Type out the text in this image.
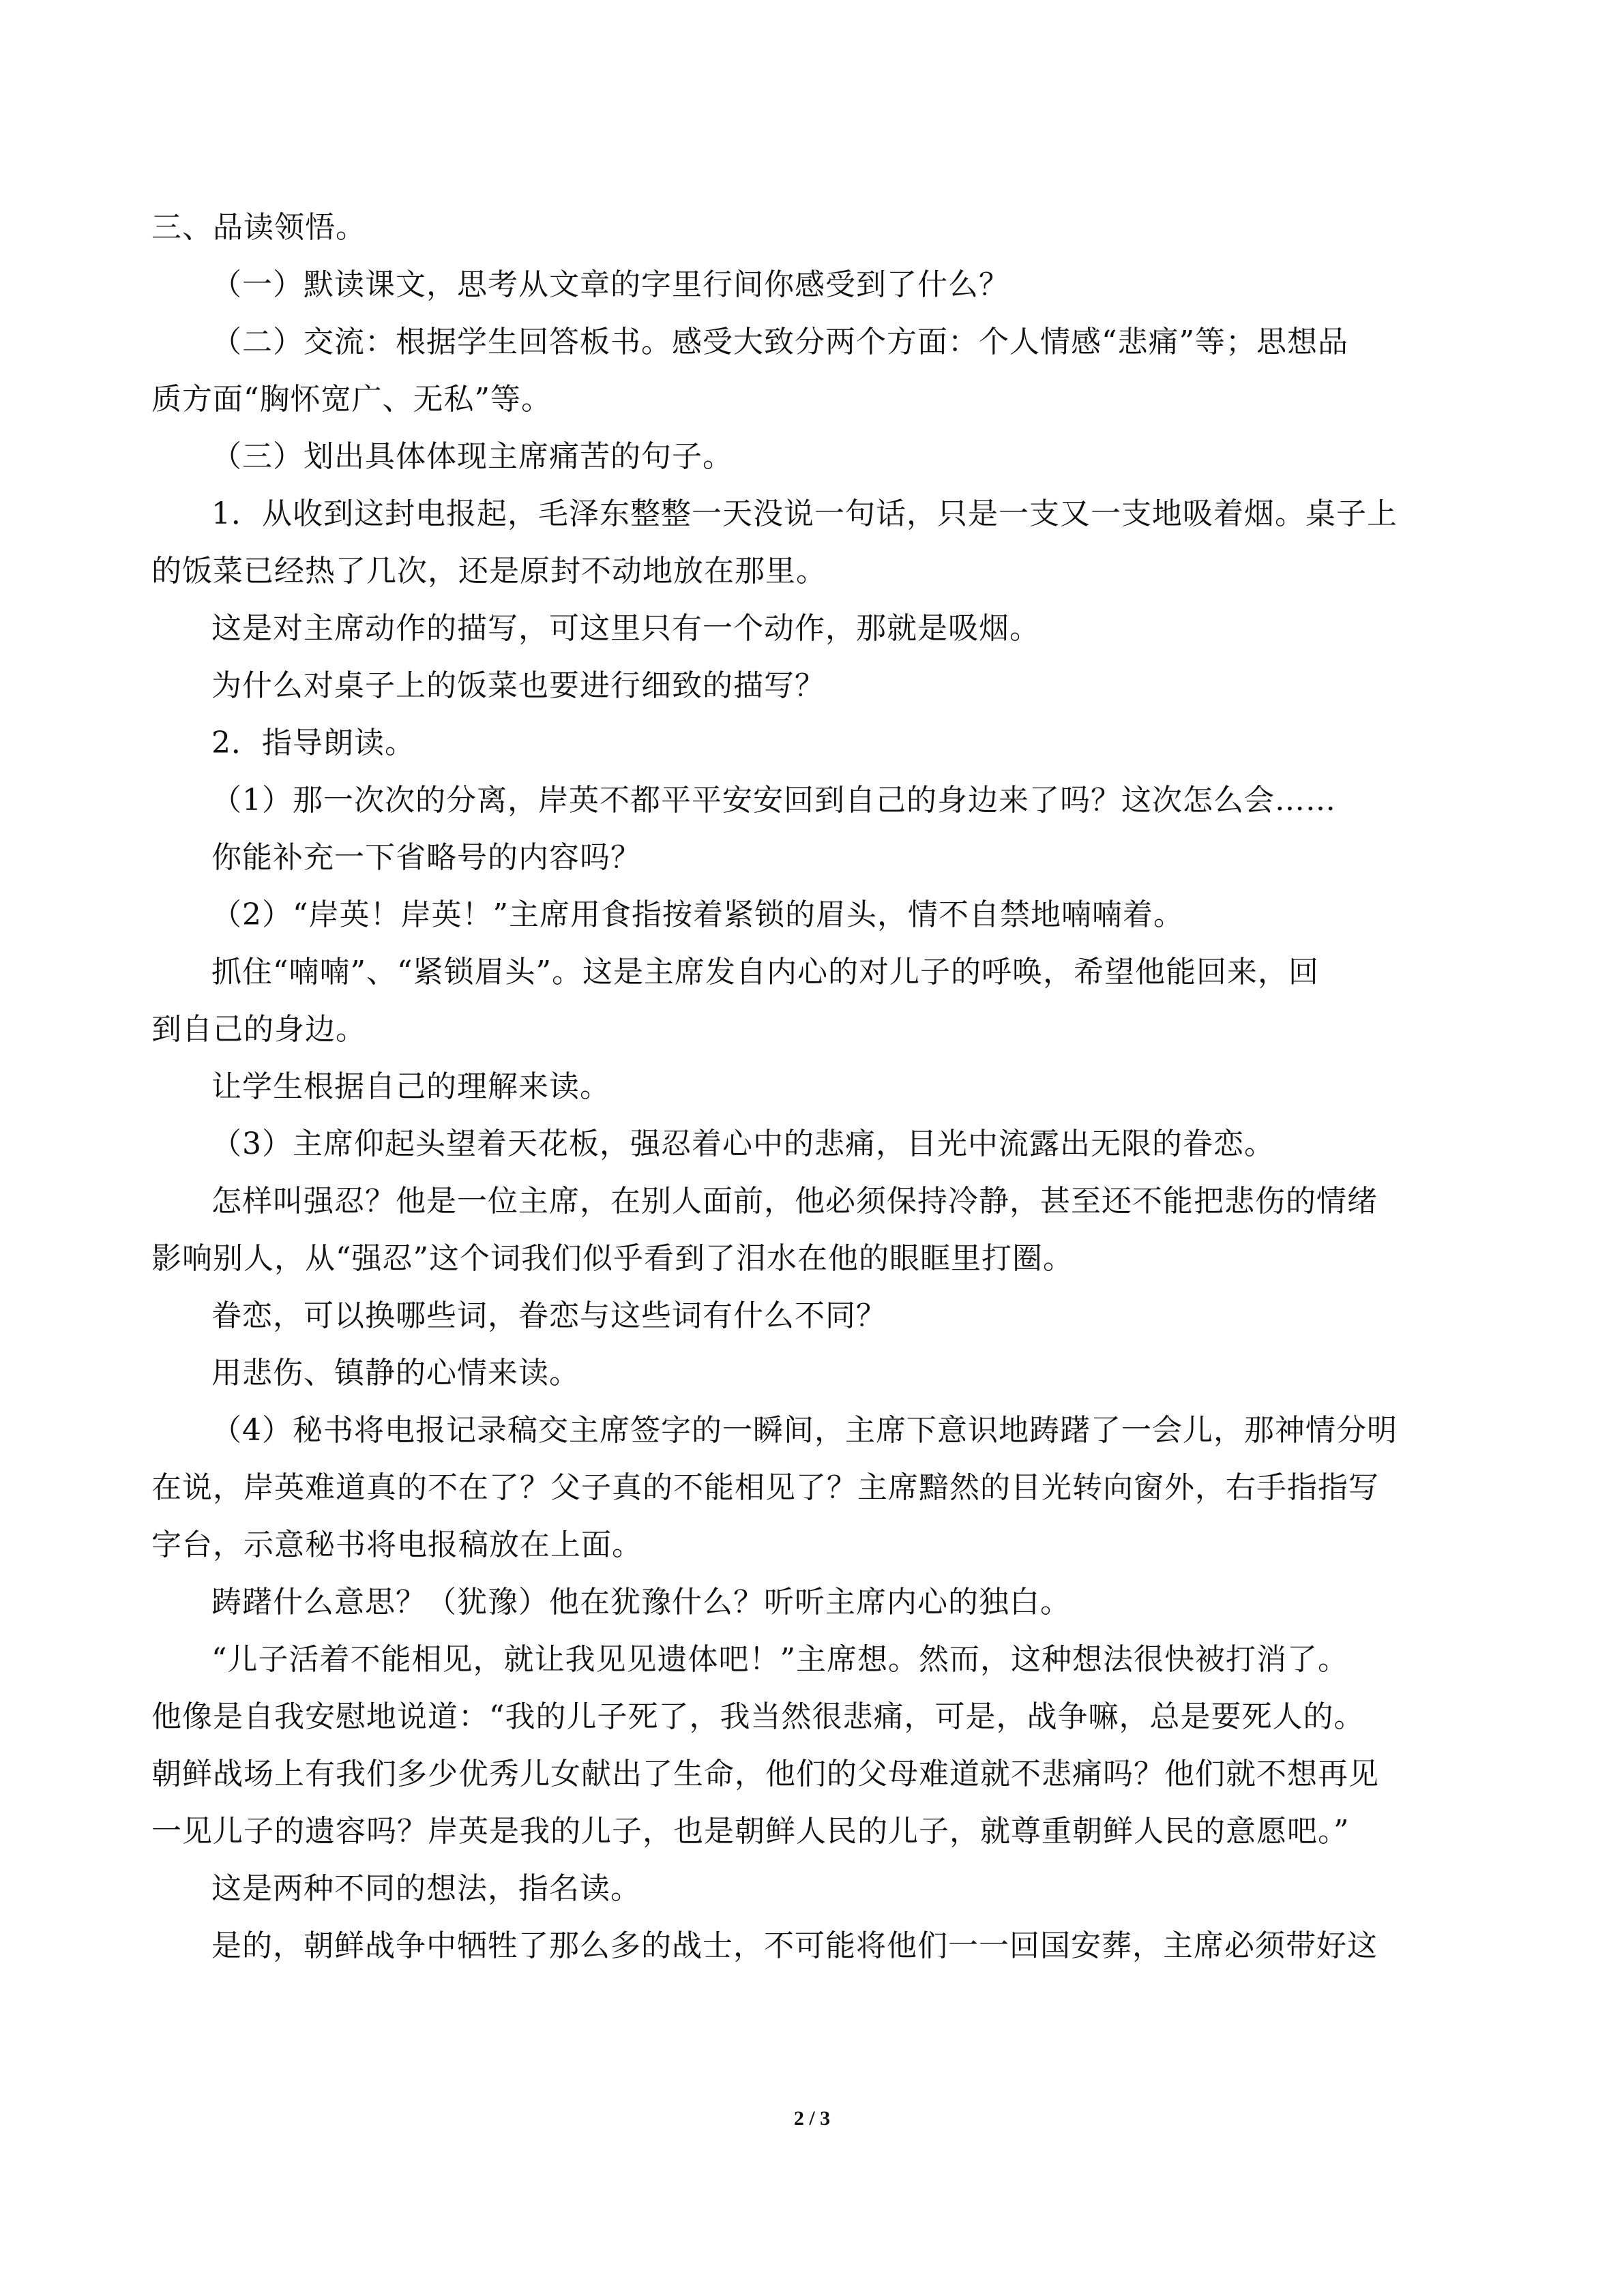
三、品读领悟。
（一）默读课文，思考从文章的字里行间你感受到了什么？
（二）交流：根据学生回答板书。感受大致分两个方面：个人情感“悲痛”等；思想品
质方面“胸怀宽广、无私”等。
（三）划出具体体现主席痛苦的句子。
1．从收到这封电报起，毛泽东整整一天没说一句话，只是一支又一支地吸着烟。桌子上
的饭菜已经热了几次，还是原封不动地放在那里。
这是对主席动作的描写，可这里只有一个动作，那就是吸烟。
为什么对桌子上的饭菜也要进行细致的描写？
2．指导朗读。
（1）那一次次的分离，岸英不都平平安安回到自己的身边来了吗？这次怎么会……
你能补充一下省略号的内容吗？
（2）“岸英！岸英！”主席用食指按着紧锁的眉头，情不自禁地喃喃着。
抓住“喃喃”、“紧锁眉头”。这是主席发自内心的对儿子的呼唤，希望他能回来，回
到自己的身边。
让学生根据自己的理解来读。
（3）主席仰起头望着天花板，强忍着心中的悲痛，目光中流露出无限的眷恋。
怎样叫强忍？他是一位主席，在别人面前，他必须保持冷静，甚至还不能把悲伤的情绪
影响别人，从“强忍”这个词我们似乎看到了泪水在他的眼眶里打圈。
眷恋，可以换哪些词，眷恋与这些词有什么不同？
用悲伤、镇静的心情来读。
（4）秘书将电报记录稿交主席签字的一瞬间，主席下意识地踌躇了一会儿，那神情分明
在说，岸英难道真的不在了？父子真的不能相见了？主席黯然的目光转向窗外，右手指指写
字台，示意秘书将电报稿放在上面。
踌躇什么意思？（犹豫）他在犹豫什么？听听主席内心的独白。
“儿子活着不能相见，就让我见见遗体吧！”主席想。然而，这种想法很快被打消了。
他像是自我安慰地说道：“我的儿子死了，我当然很悲痛，可是，战争嘛，总是要死人的。
朝鲜战场上有我们多少优秀儿女献出了生命，他们的父母难道就不悲痛吗？他们就不想再见
一见儿子的遗容吗？岸英是我的儿子，也是朝鲜人民的儿子，就尊重朝鲜人民的意愿吧。”
这是两种不同的想法，指名读。
是的，朝鲜战争中牺牲了那么多的战士，不可能将他们一一回国安葬，主席必须带好这
2 / 3
